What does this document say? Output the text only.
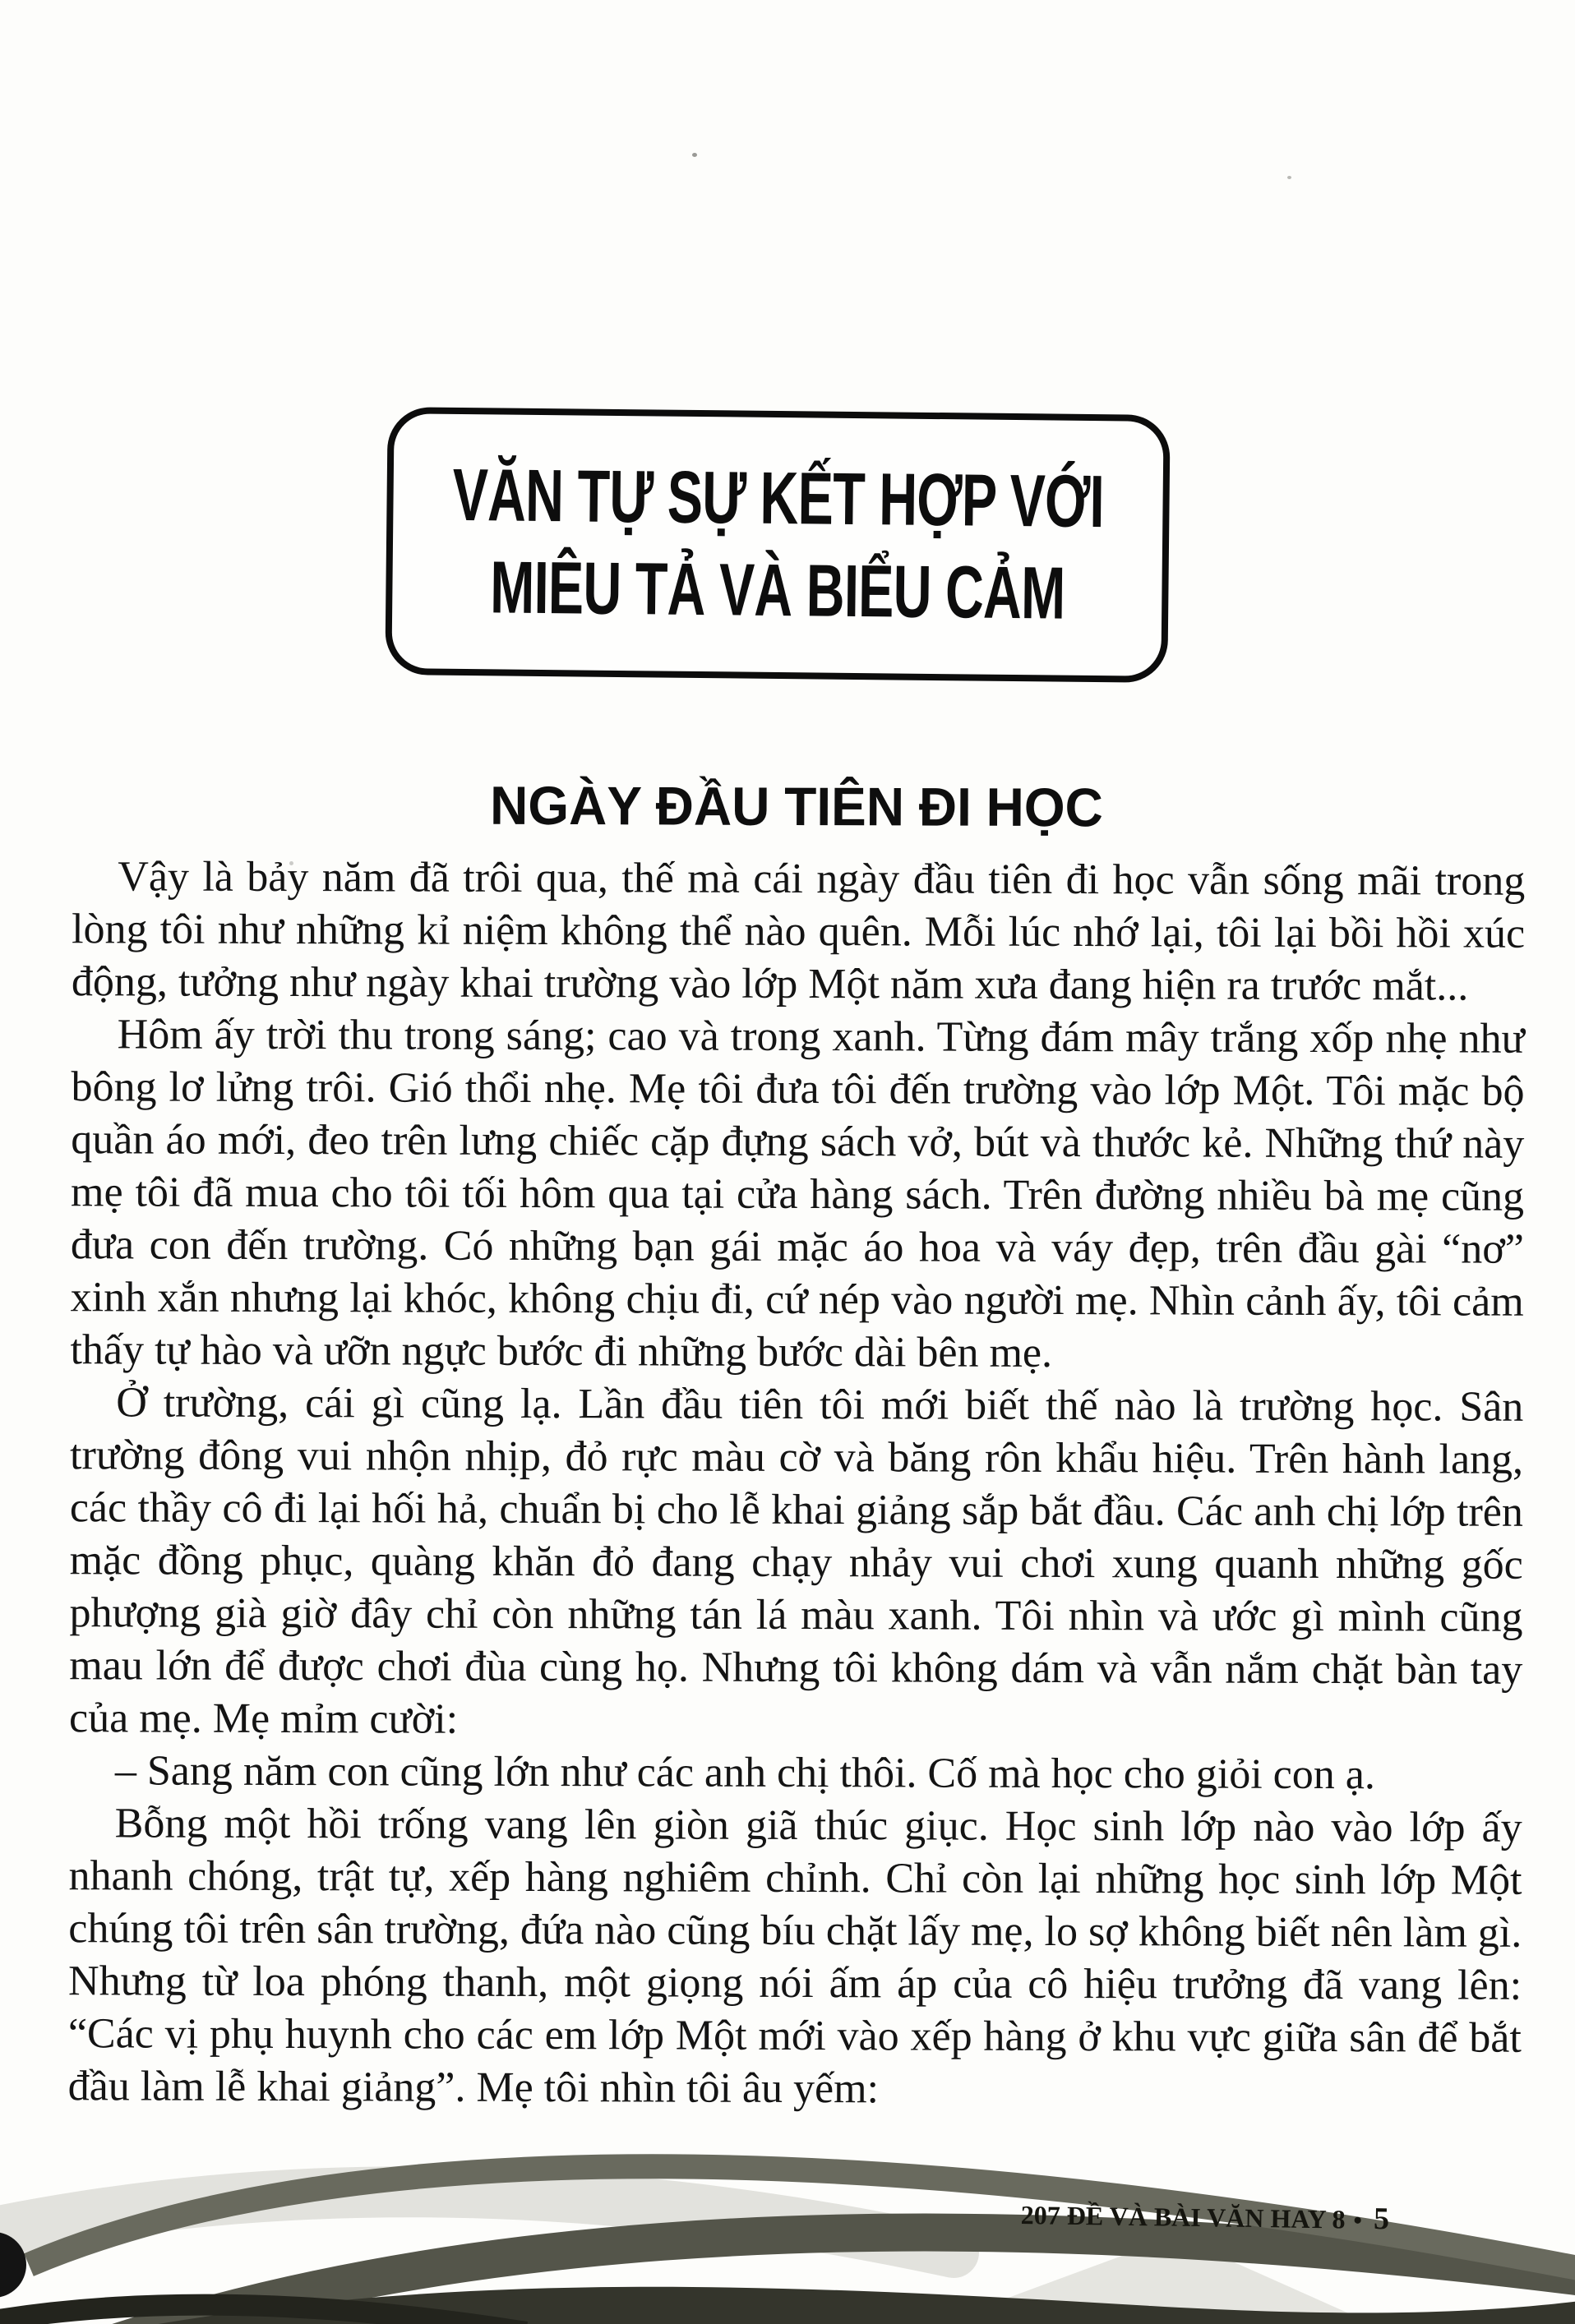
VĂN TỰ SỰ KẾT HỢP VỚI
MIÊU TẢ VÀ BIỂU CẢM
NGÀY ĐẦU TIÊN ĐI HỌC

Vậy là bảy năm đã trôi qua, thế mà cái ngày đầu tiên đi học vẫn sống mãi trong lòng tôi như những kỉ niệm không thể nào quên. Mỗi lúc nhớ lại, tôi lại bồi hồi xúc động, tưởng như ngày khai trường vào lớp Một năm xưa đang hiện ra trước mắt...

Hôm ấy trời thu trong sáng; cao và trong xanh. Từng đám mây trắng xốp nhẹ như bông lơ lửng trôi. Gió thổi nhẹ. Mẹ tôi đưa tôi đến trường vào lớp Một. Tôi mặc bộ quần áo mới, đeo trên lưng chiếc cặp đựng sách vở, bút và thước kẻ. Những thứ này mẹ tôi đã mua cho tôi tối hôm qua tại cửa hàng sách. Trên đường nhiều bà mẹ cũng đưa con đến trường. Có những bạn gái mặc áo hoa và váy đẹp, trên đầu gài “nơ” xinh xắn nhưng lại khóc, không chịu đi, cứ nép vào người mẹ. Nhìn cảnh ấy, tôi cảm thấy tự hào và ưỡn ngực bước đi những bước dài bên mẹ.

Ở trường, cái gì cũng lạ. Lần đầu tiên tôi mới biết thế nào là trường học. Sân trường đông vui nhộn nhịp, đỏ rực màu cờ và băng rôn khẩu hiệu. Trên hành lang, các thầy cô đi lại hối hả, chuẩn bị cho lễ khai giảng sắp bắt đầu. Các anh chị lớp trên mặc đồng phục, quàng khăn đỏ đang chạy nhảy vui chơi xung quanh những gốc phượng già giờ đây chỉ còn những tán lá màu xanh. Tôi nhìn và ước gì mình cũng mau lớn để được chơi đùa cùng họ. Nhưng tôi không dám và vẫn nắm chặt bàn tay của mẹ. Mẹ mỉm cười:

– Sang năm con cũng lớn như các anh chị thôi. Cố mà học cho giỏi con ạ.

Bỗng một hồi trống vang lên giòn giã thúc giục. Học sinh lớp nào vào lớp ấy nhanh chóng, trật tự, xếp hàng nghiêm chỉnh. Chỉ còn lại những học sinh lớp Một chúng tôi trên sân trường, đứa nào cũng bíu chặt lấy mẹ, lo sợ không biết nên làm gì. Nhưng từ loa phóng thanh, một giọng nói ấm áp của cô hiệu trưởng đã vang lên: “Các vị phụ huynh cho các em lớp Một mới vào xếp hàng ở khu vực giữa sân để bắt đầu làm lễ khai giảng”. Mẹ tôi nhìn tôi âu yếm:

207 ĐỀ VÀ BÀI VĂN HAY 8 • 5
